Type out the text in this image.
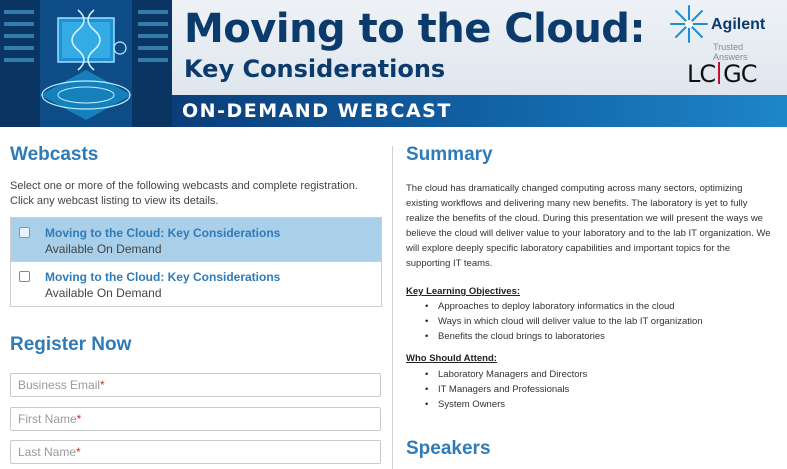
Moving to the Cloud:
Key Considerations
Agilent
Trusted Answers
LC GC
ON-DEMAND WEBCAST
Webcasts
Select one or more of the following webcasts and complete registration.
Click any webcast listing to view its details.
Moving to the Cloud: Key Considerations
Available On Demand
Moving to the Cloud: Key Considerations
Available On Demand
Register Now
Business Email*
First Name*
Last Name*
Summary
The cloud has dramatically changed computing across many sectors, optimizing
existing workflows and delivering many new benefits. The laboratory is yet to fully
realize the benefits of the cloud. During this presentation we will present the ways we
believe the cloud will deliver value to your laboratory and to the lab IT organization. We
will explore deeply specific laboratory capabilities and important topics for the
supporting IT teams.
Key Learning Objectives:
• Approaches to deploy laboratory informatics in the cloud
• Ways in which cloud will deliver value to the lab IT organization
• Benefits the cloud brings to laboratories
Who Should Attend:
• Laboratory Managers and Directors
• IT Managers and Professionals
• System Owners
Speakers
